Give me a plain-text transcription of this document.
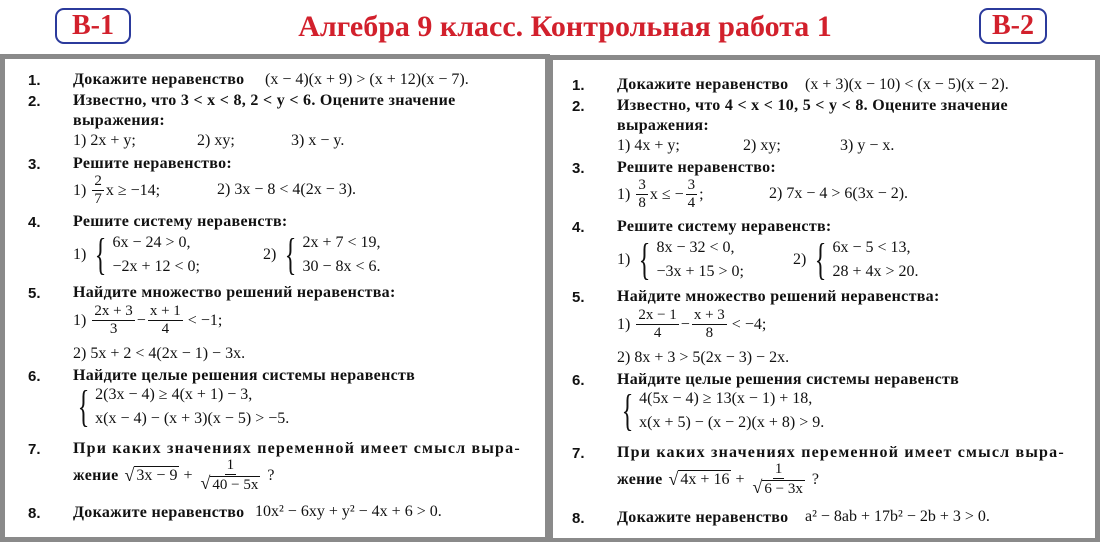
В-1	Алгебра 9 класс. Контрольная работа 1	В-2
1. Докажите неравенство (x − 4)(x + 9) > (x + 12)(x − 7).
2. Известно, что 3 < x < 8, 2 < y < 6. Оцените значение
выражения:
1) 2x + y;	2) xy;	3) x − y.
3. Решите неравенство:
$1) \frac{2}{7}$ x ≥ −14;	2) 3x − 8 < 4(2x − 3).
4. Решите систему неравенств:
1) { 6x − 24 > 0,
−2x + 12 < 0;
2) { 2x + 7 < 19,
30 − 8x < 6.
5. Найдите множество решений неравенства:
$1) \frac{2x + 3}{3} - \frac{x + 1}{4} < -1$;
2) 5x + 2 < 4(2x − 1) − 3x.
6. Найдите целые решения системы неравенств
{ 2(3x − 4) ≥ 4(x + 1) − 3,
x(x − 4) − (x + 3)(x − 5) > −5.
7. При каких значениях переменной имеет смысл выра-
жение √ $3x - 9 + \frac{1}{√ 40 - 5x}$ ?
8. Докажите неравенство 10x² − 6xy + y² − 4x + 6 > 0.
1. Докажите неравенство (x + 3)(x − 10) < (x − 5)(x − 2).
2. Известно, что 4 < x < 10, 5 < y < 8. Оцените значение
выражения:
1) 4x + y;	2) xy;	3) y − x.
3. Решите неравенство:
$1) \frac{3}{8}$ x ≤ − $\frac{3}{4}$ ;	2) 7x − 4 > 6(3x − 2).
4. Решите систему неравенств:
1) { 8x − 32 < 0,
−3x + 15 > 0;
2) { 6x − 5 < 13,
28 + 4x > 20.
5. Найдите множество решений неравенства:
$1) \frac{2x - 1}{4} - \frac{x + 3}{8} < -4$;
2) 8x + 3 > 5(2x − 3) − 2x.
6. Найдите целые решения системы неравенств
{ 4(5x − 4) ≥ 13(x − 1) + 18,
x(x + 5) − (x − 2)(x + 8) > 9.
7. При каких значениях переменной имеет смысл выра-
жение √ $4x + 16 + \frac{1}{√ 6 - 3x}$ ?
8. Докажите неравенство a² − 8ab + 17b² − 2b + 3 > 0.
